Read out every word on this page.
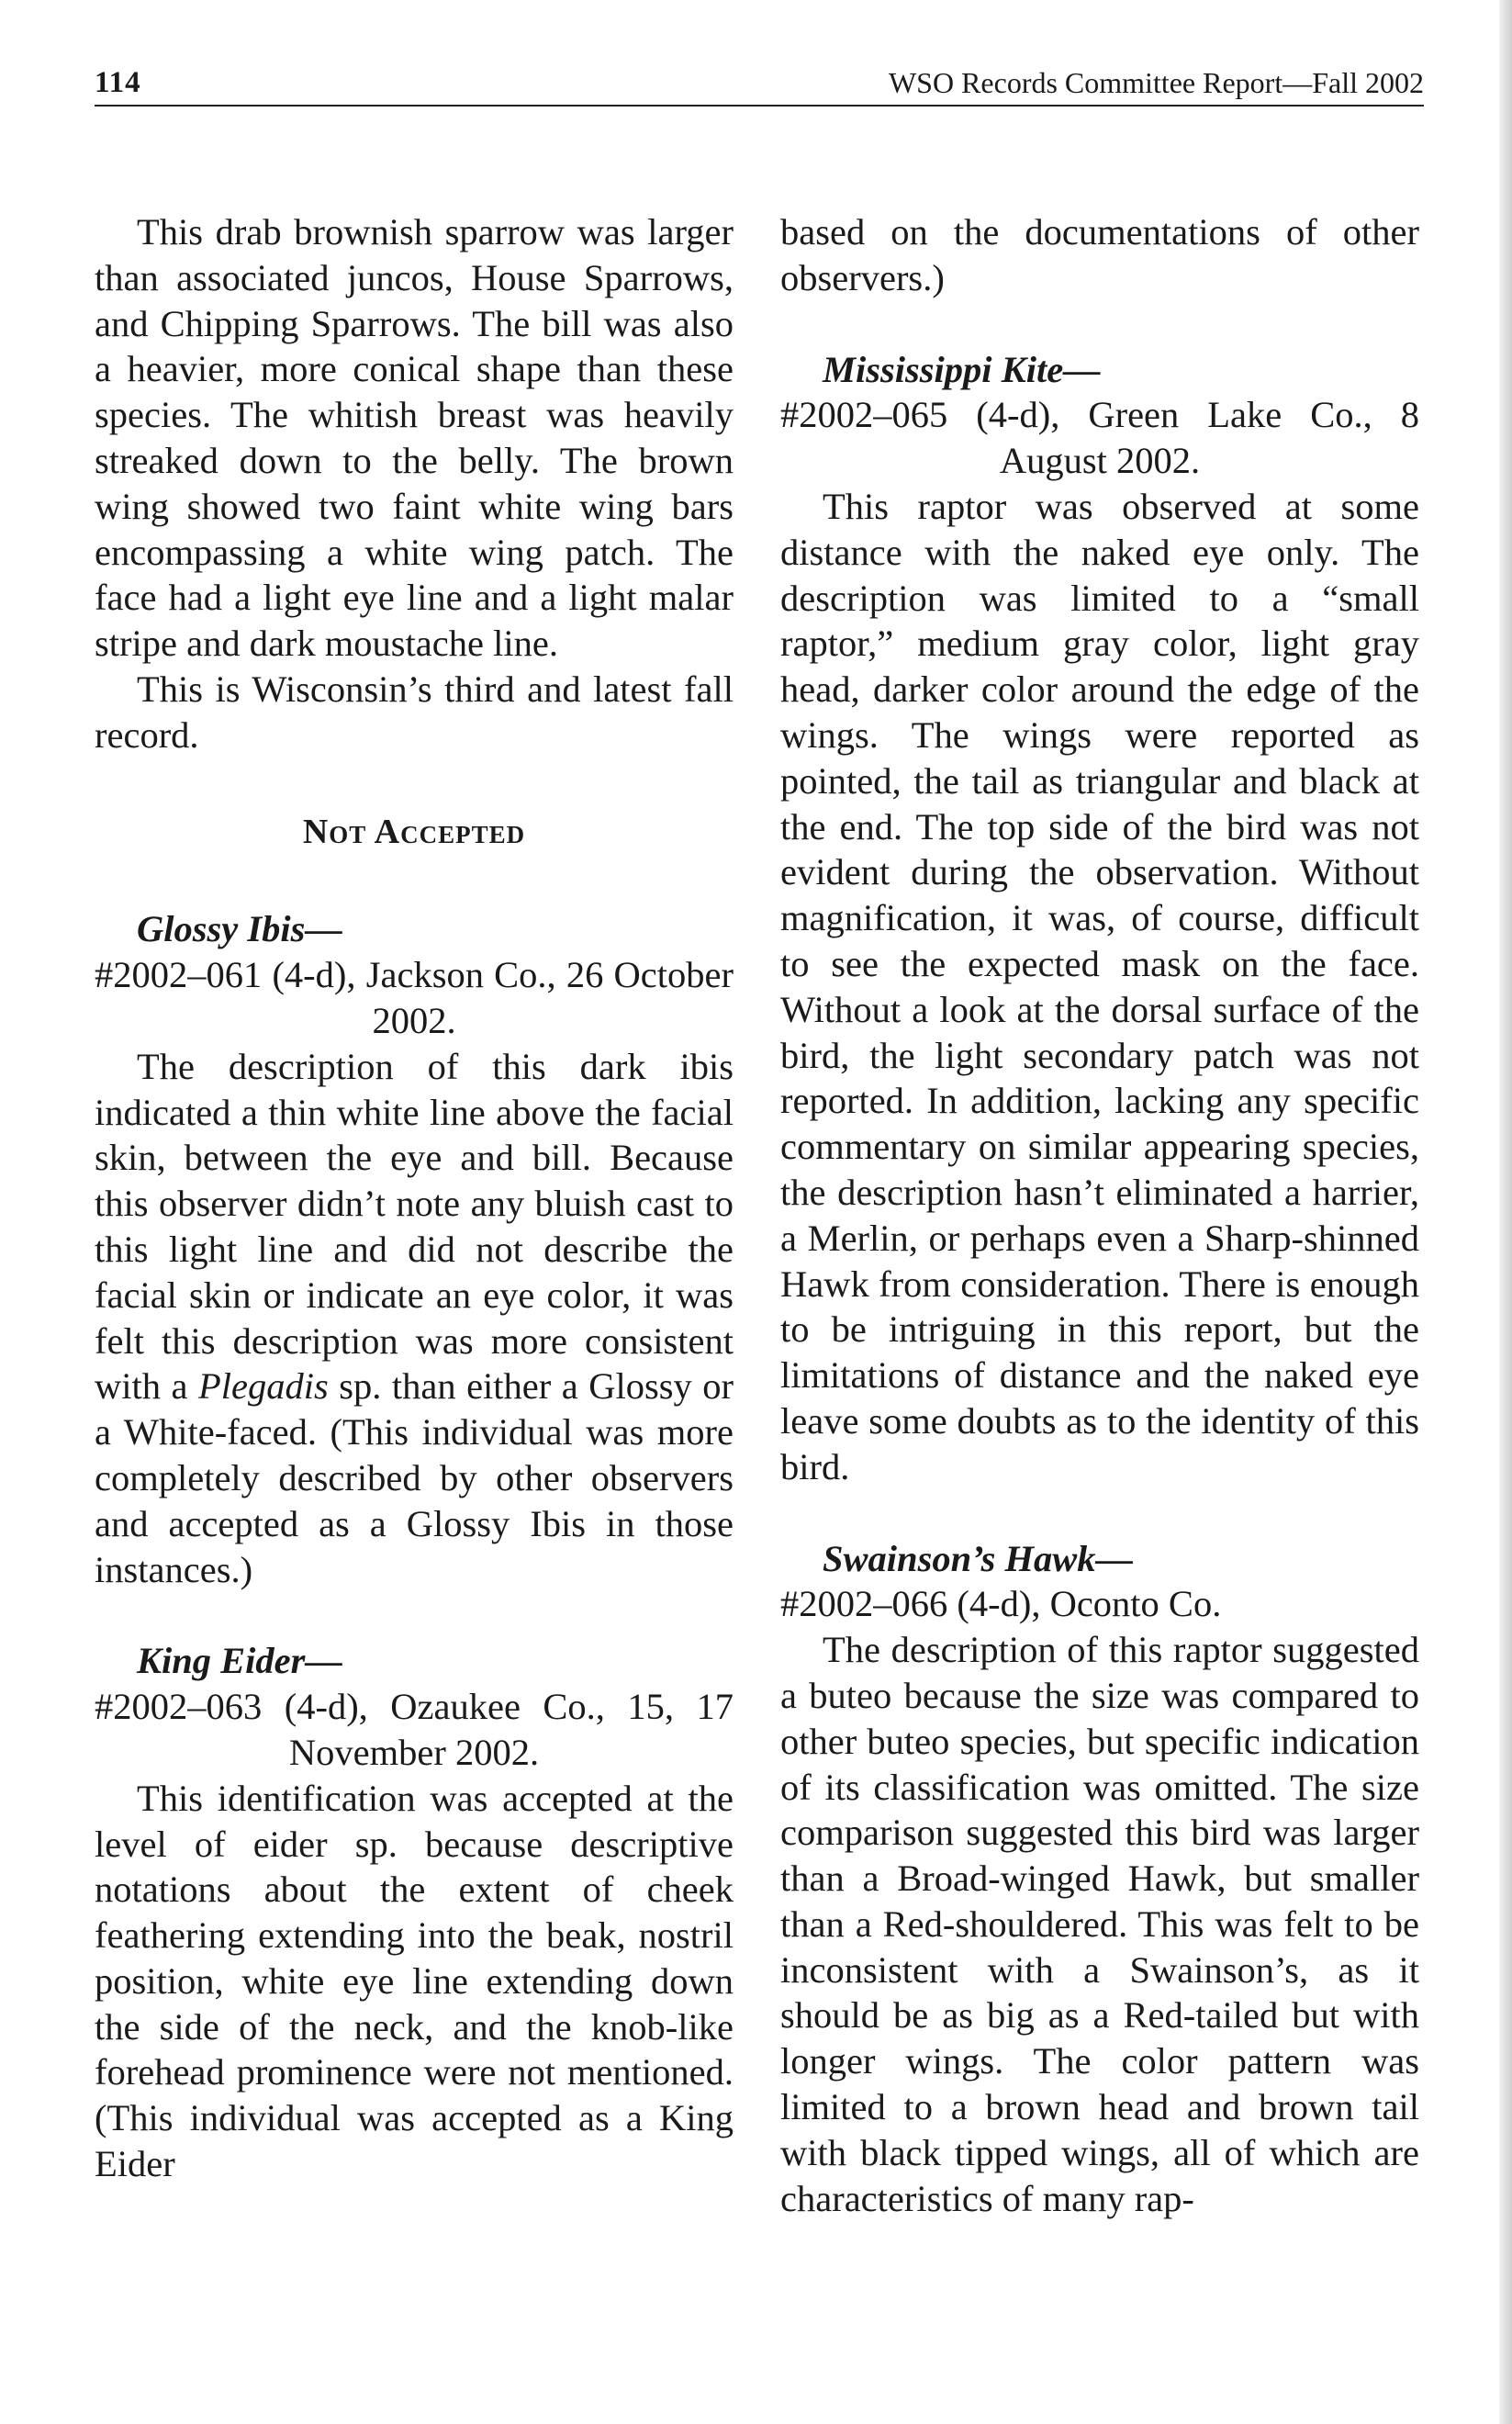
114	WSO Records Committee Report—Fall 2002

This drab brownish sparrow was larger than associated juncos, House Sparrows, and Chipping Sparrows. The bill was also a heavier, more conical shape than these species. The whitish breast was heavily streaked down to the belly. The brown wing showed two faint white wing bars encompassing a white wing patch. The face had a light eye line and a light malar stripe and dark moustache line.

This is Wisconsin’s third and latest fall record.

Not Accepted

Glossy Ibis—

#2002–061 (4-d), Jackson Co., 26 October 2002.

The description of this dark ibis indicated a thin white line above the facial skin, between the eye and bill. Because this observer didn’t note any bluish cast to this light line and did not describe the facial skin or indicate an eye color, it was felt this description was more consistent with a Plegadis sp. than either a Glossy or a White-faced. (This individual was more completely described by other observers and accepted as a Glossy Ibis in those instances.)

King Eider—

#2002–063 (4-d), Ozaukee Co., 15, 17 November 2002.

This identification was accepted at the level of eider sp. because descriptive notations about the extent of cheek feathering extending into the beak, nostril position, white eye line extending down the side of the neck, and the knob-like forehead prominence were not mentioned. (This individual was accepted as a King Eider

based on the documentations of other observers.)

Mississippi Kite—

#2002–065 (4-d), Green Lake Co., 8 August 2002.

This raptor was observed at some distance with the naked eye only. The description was limited to a “small raptor,” medium gray color, light gray head, darker color around the edge of the wings. The wings were reported as pointed, the tail as triangular and black at the end. The top side of the bird was not evident during the observation. Without magnification, it was, of course, difficult to see the expected mask on the face. Without a look at the dorsal surface of the bird, the light secondary patch was not reported. In addition, lacking any specific commentary on similar appearing species, the description hasn’t eliminated a harrier, a Merlin, or perhaps even a Sharp-shinned Hawk from consideration. There is enough to be intriguing in this report, but the limitations of distance and the naked eye leave some doubts as to the identity of this bird.

Swainson’s Hawk—

#2002–066 (4-d), Oconto Co.

The description of this raptor suggested a buteo because the size was compared to other buteo species, but specific indication of its classification was omitted. The size comparison suggested this bird was larger than a Broad-winged Hawk, but smaller than a Red-shouldered. This was felt to be inconsistent with a Swainson’s, as it should be as big as a Red-tailed but with longer wings. The color pattern was limited to a brown head and brown tail with black tipped wings, all of which are characteristics of many rap-
